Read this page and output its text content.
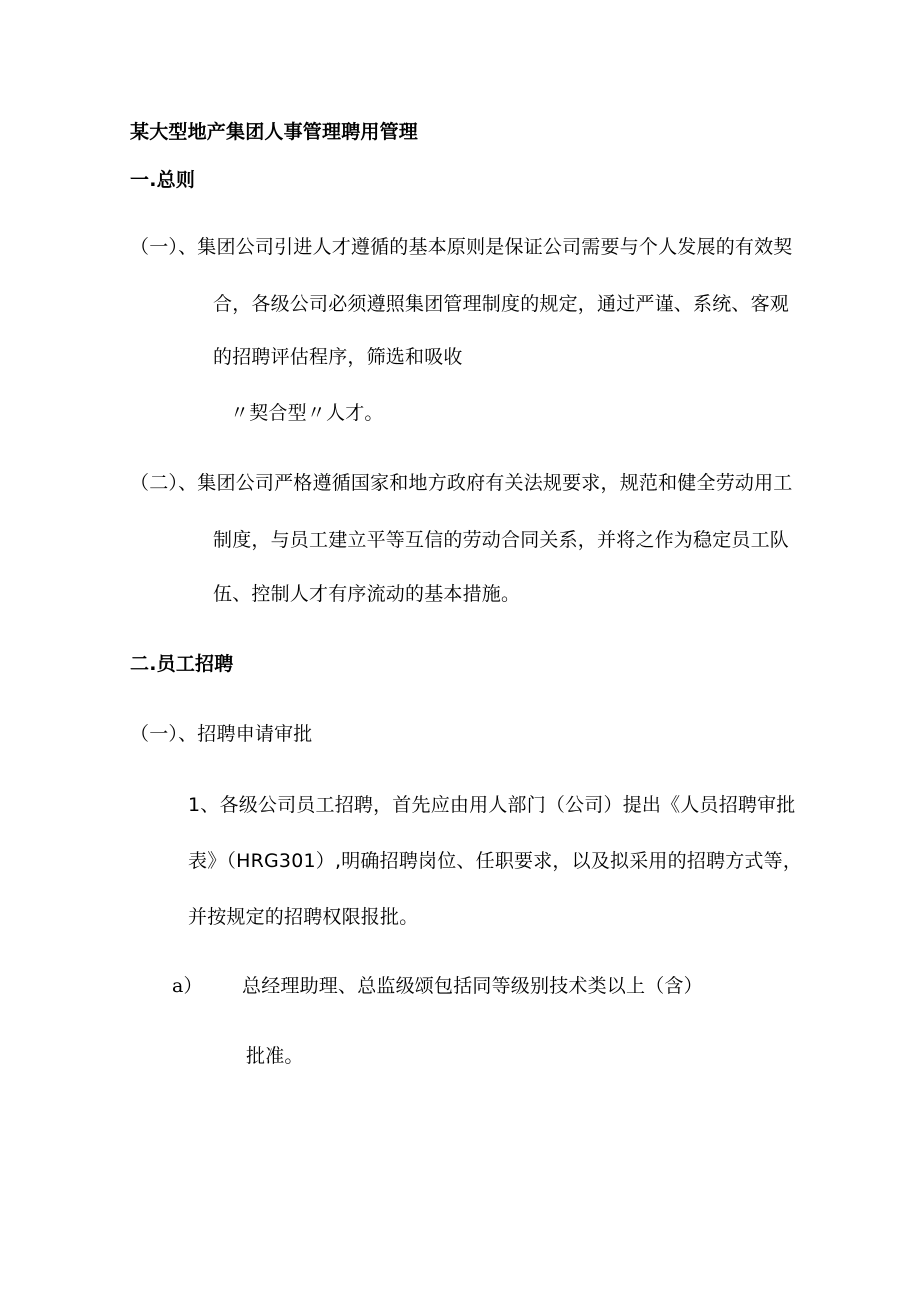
某大型地产集团人事管理聘用管理
一.总则
（一）、集团公司引进人才遵循的基本原则是保证公司需要与个人发展的有效契
合，各级公司必须遵照集团管理制度的规定，通过严谨、系统、客观
的招聘评估程序，筛选和吸收
〃契合型〃人才。
（二）、集团公司严格遵循国家和地方政府有关法规要求，规范和健全劳动用工
制度，与员工建立平等互信的劳动合同关系，并将之作为稳定员工队
伍、控制人才有序流动的基本措施。
二.员工招聘
（一）、招聘申请审批
1、各级公司员工招聘，首先应由用人部门（公司）提出《人员招聘审批
表》（HRG301）,明确招聘岗位、任职要求，以及拟采用的招聘方式等，
并按规定的招聘权限报批。
a） 总经理助理、总监级颂包括同等级别技术类以上（含）
批准。
